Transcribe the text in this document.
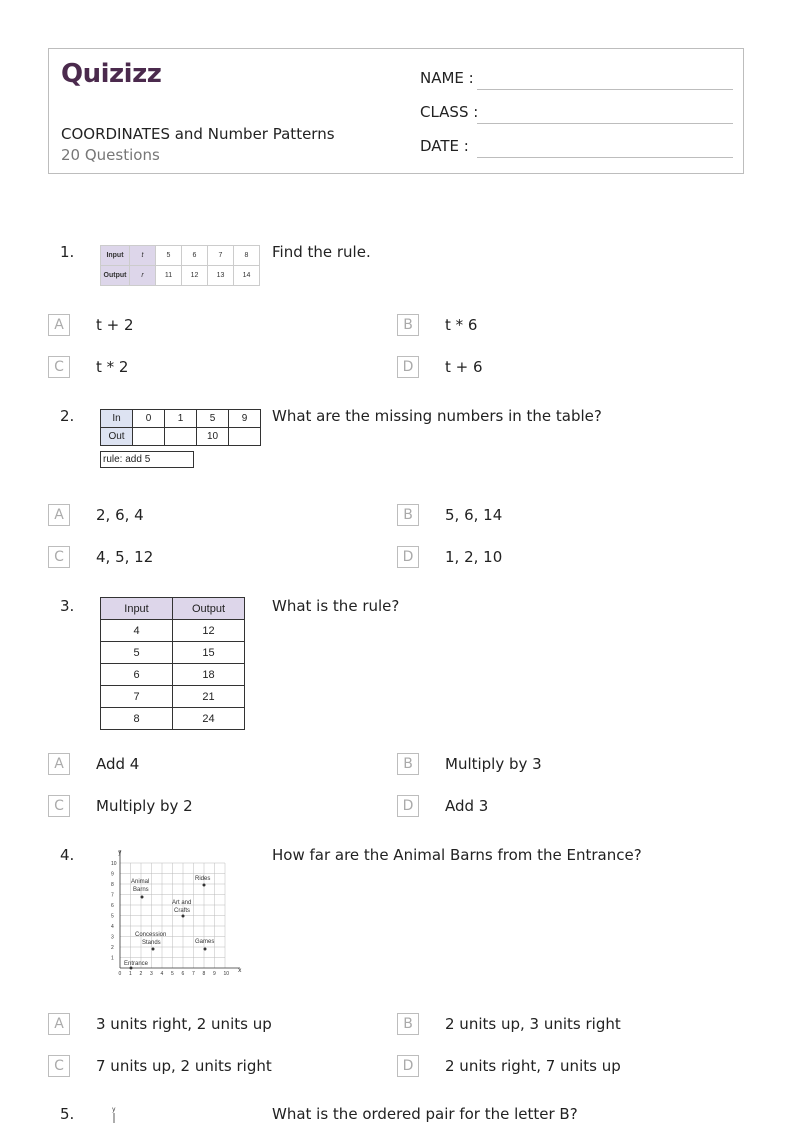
Quizizz
COORDINATES and Number Patterns
20 Questions
NAME :
CLASS :
DATE :
1.	Input	t	5	6	7	8
Output	r	11	12	13	14
Find the rule.
A	t + 2	B	t * 6
C	t * 2	D	t + 6
2.	In	0	1	5	9
Out			10	
rule: add 5
What are the missing numbers in the table?
A	2, 6, 4	B	5, 6, 14
C	4, 5, 12	D	1, 2, 10
3.	Input	Output
4	12
5	15
6	18
7	21
8	24
What is the rule?
A	Add 4	B	Multiply by 3
C	Multiply by 2	D	Add 3
4.	y
x
0 1
1
2
2
3
3
4
4
5
5
6
6
7
7
8
8
9
9
10
10
Animal
Barns
Rides
Art and
Crafts
Concession
Stands	Games
Entrance
How far are the Animal Barns from the Entrance?
A	3 units right, 2 units up	B	2 units up, 3 units right
C	7 units up, 2 units right	D	2 units right, 7 units up
5.	y	What is the ordered pair for the letter B?
